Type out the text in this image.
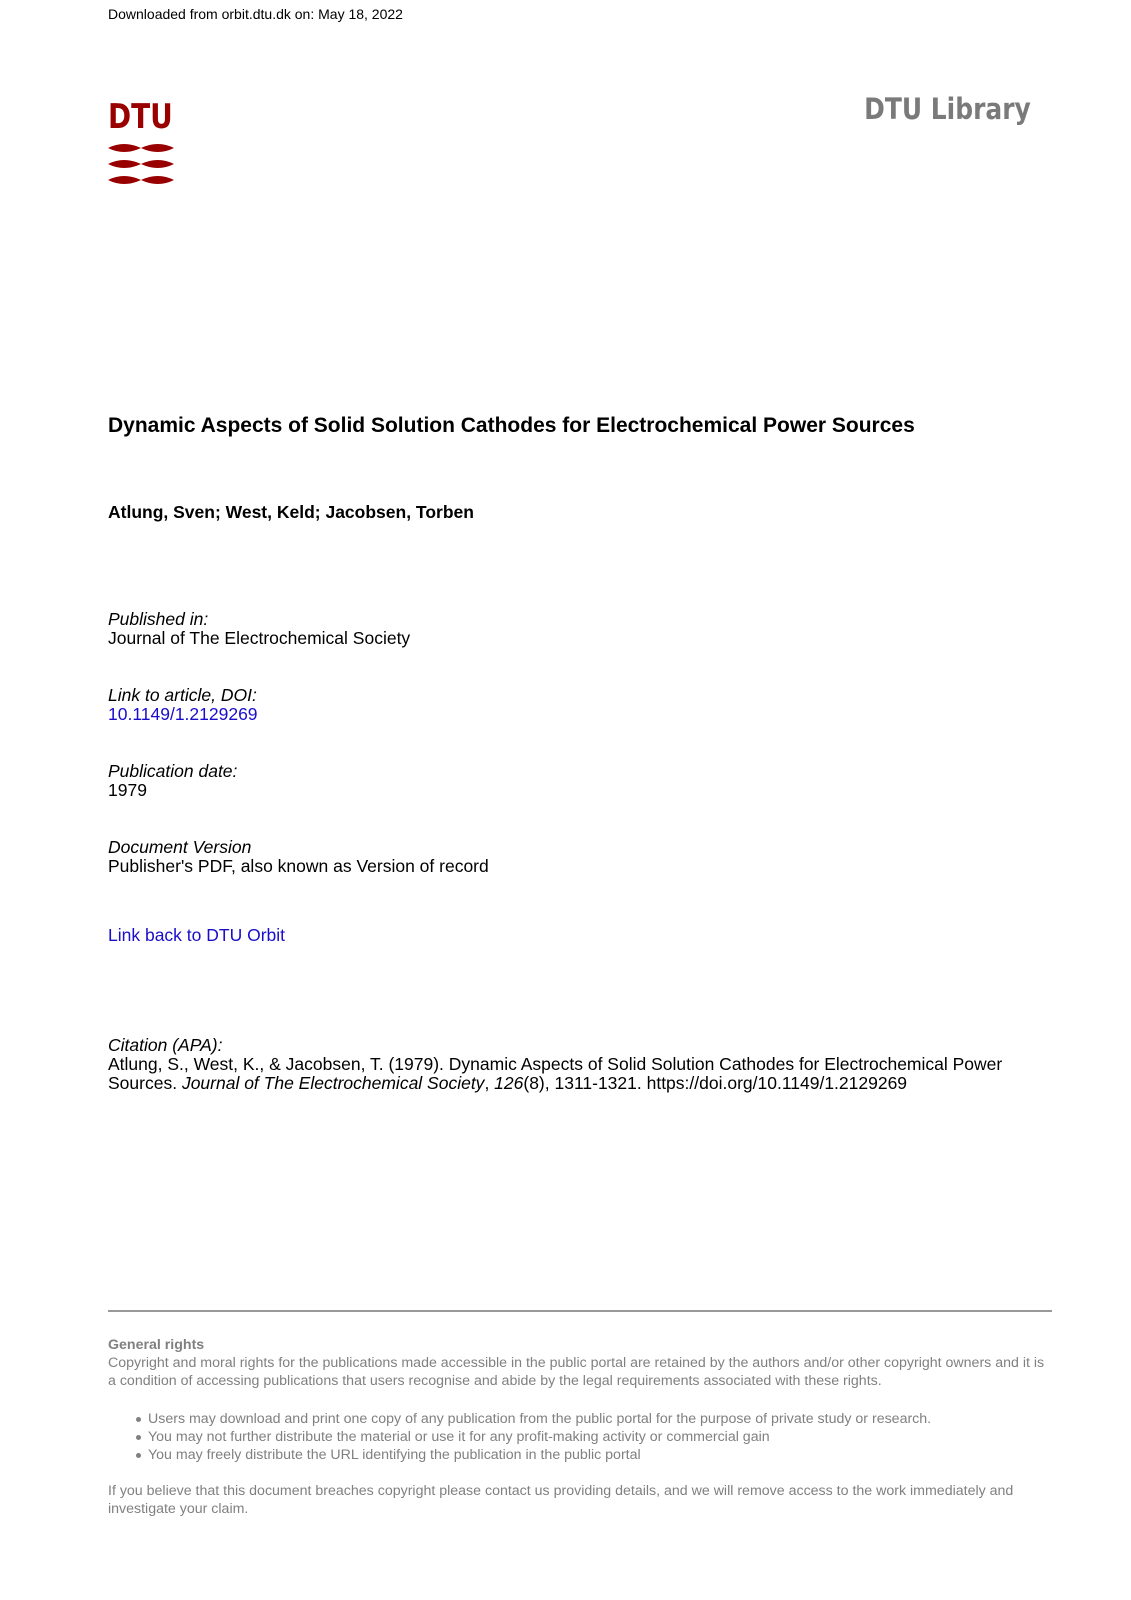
Downloaded from orbit.dtu.dk on: May 18, 2022
DTU	DTU Library
Dynamic Aspects of Solid Solution Cathodes for Electrochemical Power Sources
Atlung, Sven; West, Keld; Jacobsen, Torben
Published in:
Journal of The Electrochemical Society
Link to article, DOI:
10.1149/1.2129269
Publication date:
1979
Document Version
Publisher's PDF, also known as Version of record
Link back to DTU Orbit
Citation (APA):
Atlung, S., West, K., & Jacobsen, T. (1979). Dynamic Aspects of Solid Solution Cathodes for Electrochemical Power Sources. Journal of The Electrochemical Society, 126(8), 1311-1321. https://doi.org/10.1149/1.2129269
General rights
Copyright and moral rights for the publications made accessible in the public portal are retained by the authors and/or other copyright owners and it is a condition of accessing publications that users recognise and abide by the legal requirements associated with these rights.
Users may download and print one copy of any publication from the public portal for the purpose of private study or research.
You may not further distribute the material or use it for any profit-making activity or commercial gain
You may freely distribute the URL identifying the publication in the public portal
If you believe that this document breaches copyright please contact us providing details, and we will remove access to the work immediately and investigate your claim.
